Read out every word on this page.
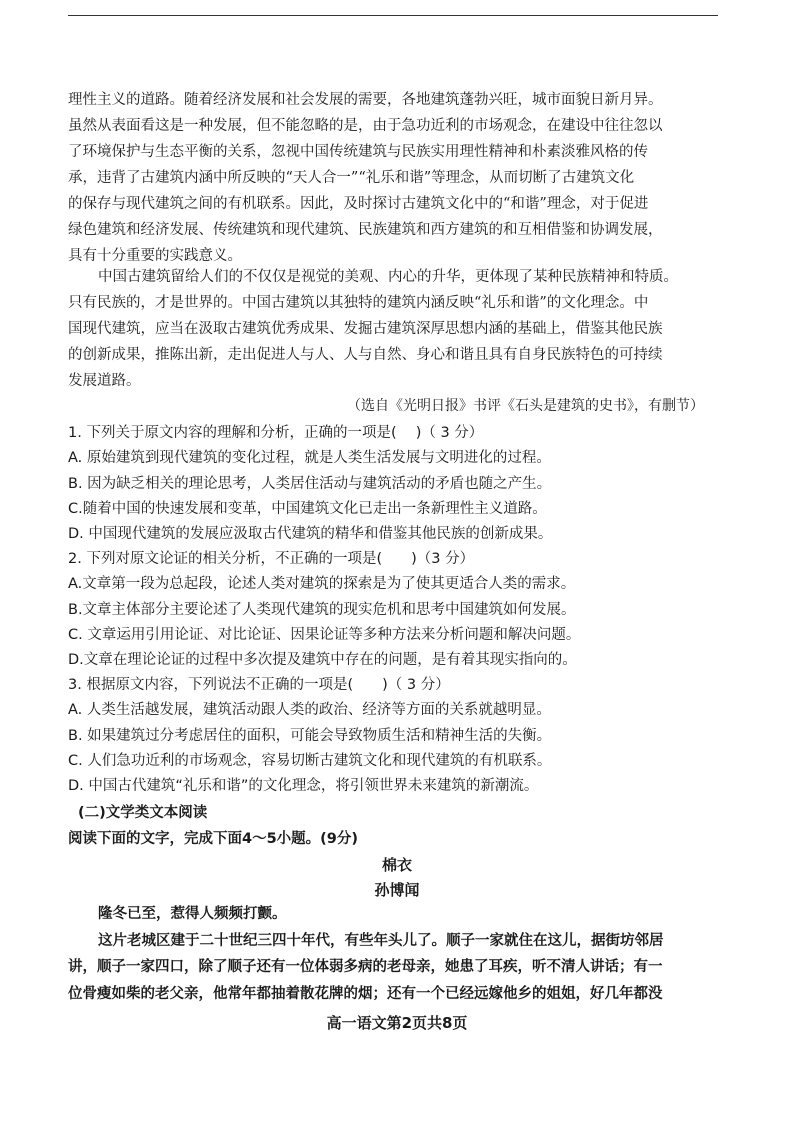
理性主义的道路。随着经济发展和社会发展的需要，各地建筑蓬勃兴旺，城市面貌日新月异。
虽然从表面看这是一种发展，但不能忽略的是，由于急功近利的市场观念，在建设中往往忽以
了环境保护与生态平衡的关系，忽视中国传统建筑与民族实用理性精神和朴素淡雅风格的传
承，违背了古建筑内涵中所反映的“天人合一”“礼乐和谐”等理念，从而切断了古建筑文化
的保存与现代建筑之间的有机联系。因此，及时探讨古建筑文化中的“和谐”理念，对于促进
绿色建筑和经济发展、传统建筑和现代建筑、民族建筑和西方建筑的和互相借鉴和协调发展，
具有十分重要的实践意义。
中国古建筑留给人们的不仅仅是视觉的美观、内心的升华，更体现了某种民族精神和特质。
只有民族的，才是世界的。中国古建筑以其独特的建筑内涵反映“礼乐和谐”的文化理念。中
国现代建筑，应当在汲取古建筑优秀成果、发掘古建筑深厚思想内涵的基础上，借鉴其他民族
的创新成果，推陈出新，走出促进人与人、人与自然、身心和谐且具有自身民族特色的可持续
发展道路。
（选自《光明日报》书评《石头是建筑的史书》，有删节）
1. 下列关于原文内容的理解和分析，正确的一项是(　 )（ 3 分）
A. 原始建筑到现代建筑的变化过程，就是人类生活发展与文明进化的过程。
B. 因为缺乏相关的理论思考，人类居住活动与建筑活动的矛盾也随之产生。
C.随着中国的快速发展和变革，中国建筑文化已走出一条新理性主义道路。
D. 中国现代建筑的发展应汲取古代建筑的精华和借鉴其他民族的创新成果。
2. 下列对原文论证的相关分析，不正确的一项是(　　)（3 分）
A.文章第一段为总起段，论述人类对建筑的探索是为了使其更适合人类的需求。
B.文章主体部分主要论述了人类现代建筑的现实危机和思考中国建筑如何发展。
C. 文章运用引用论证、对比论证、因果论证等多种方法来分析问题和解决问题。
D.文章在理论论证的过程中多次提及建筑中存在的问题，是有着其现实指向的。
3. 根据原文内容，下列说法不正确的一项是(　　)（ 3 分）
A. 人类生活越发展，建筑活动跟人类的政治、经济等方面的关系就越明显。
B. 如果建筑过分考虑居住的面积，可能会导致物质生活和精神生活的失衡。
C. 人们急功近利的市场观念，容易切断古建筑文化和现代建筑的有机联系。
D. 中国古代建筑“礼乐和谐”的文化理念，将引领世界未来建筑的新潮流。
(二)文学类文本阅读
阅读下面的文字，完成下面4～5小题。(9分)
棉衣
孙博闻
隆冬已至，惹得人频频打颤。
这片老城区建于二十世纪三四十年代，有些年头儿了。顺子一家就住在这儿，据街坊邻居
讲，顺子一家四口，除了顺子还有一位体弱多病的老母亲，她患了耳疾，听不清人讲话；有一
位骨瘦如柴的老父亲，他常年都抽着散花牌的烟；还有一个已经远嫁他乡的姐姐，好几年都没
高一语文第2页共8页
